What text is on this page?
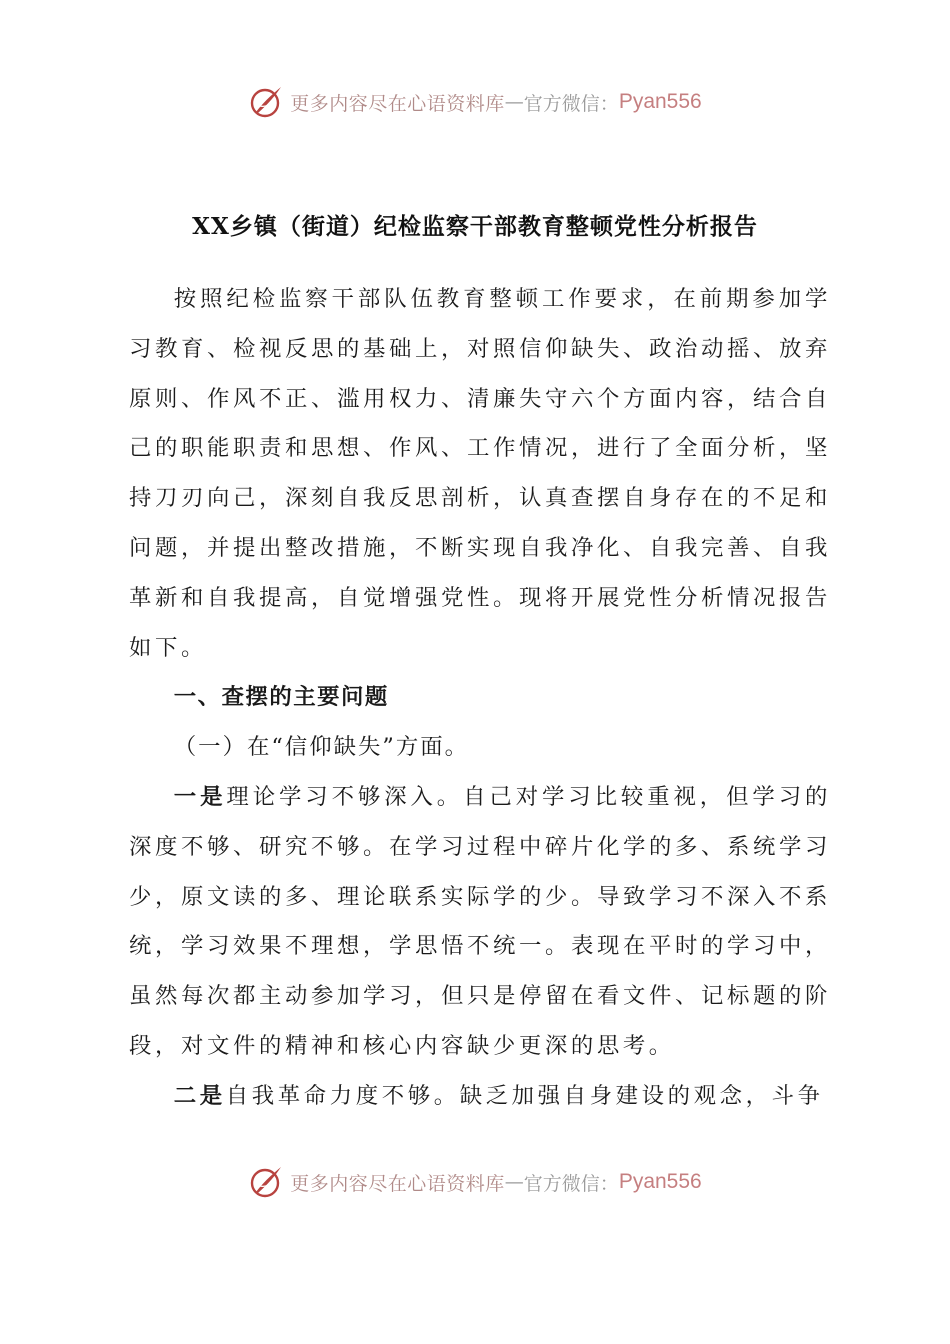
更多内容尽在心语资料库 — 官方微信： Pyan556
XX乡镇（街道）纪检监察干部教育整顿党性分析报告

按照纪检监察干部队伍教育整顿工作要求，在前期参加学习教育、检视反思的基础上，对照信仰缺失、政治动摇、放弃原则、作风不正、滥用权力、清廉失守六个方面内容，结合自己的职能职责和思想、作风、工作情况，进行了全面分析，坚持刀刃向己，深刻自我反思剖析，认真查摆自身存在的不足和问题，并提出整改措施，不断实现自我净化、自我完善、自我革新和自我提高，自觉增强党性。现将开展党性分析情况报告如下。

一、查摆的主要问题

（一）在“信仰缺失”方面。

一是理论学习不够深入。自己对学习比较重视，但学习的深度不够、研究不够。在学习过程中碎片化学的多、系统学习少，原文读的多、理论联系实际学的少。导致学习不深入不系统，学习效果不理想，学思悟不统一。表现在平时的学习中，虽然每次都主动参加学习，但只是停留在看文件、记标题的阶段，对文件的精神和核心内容缺少更深的思考。

二是自我革命力度不够。缺乏加强自身建设的观念，斗争

更多内容尽在心语资料库 — 官方微信： Pyan556
